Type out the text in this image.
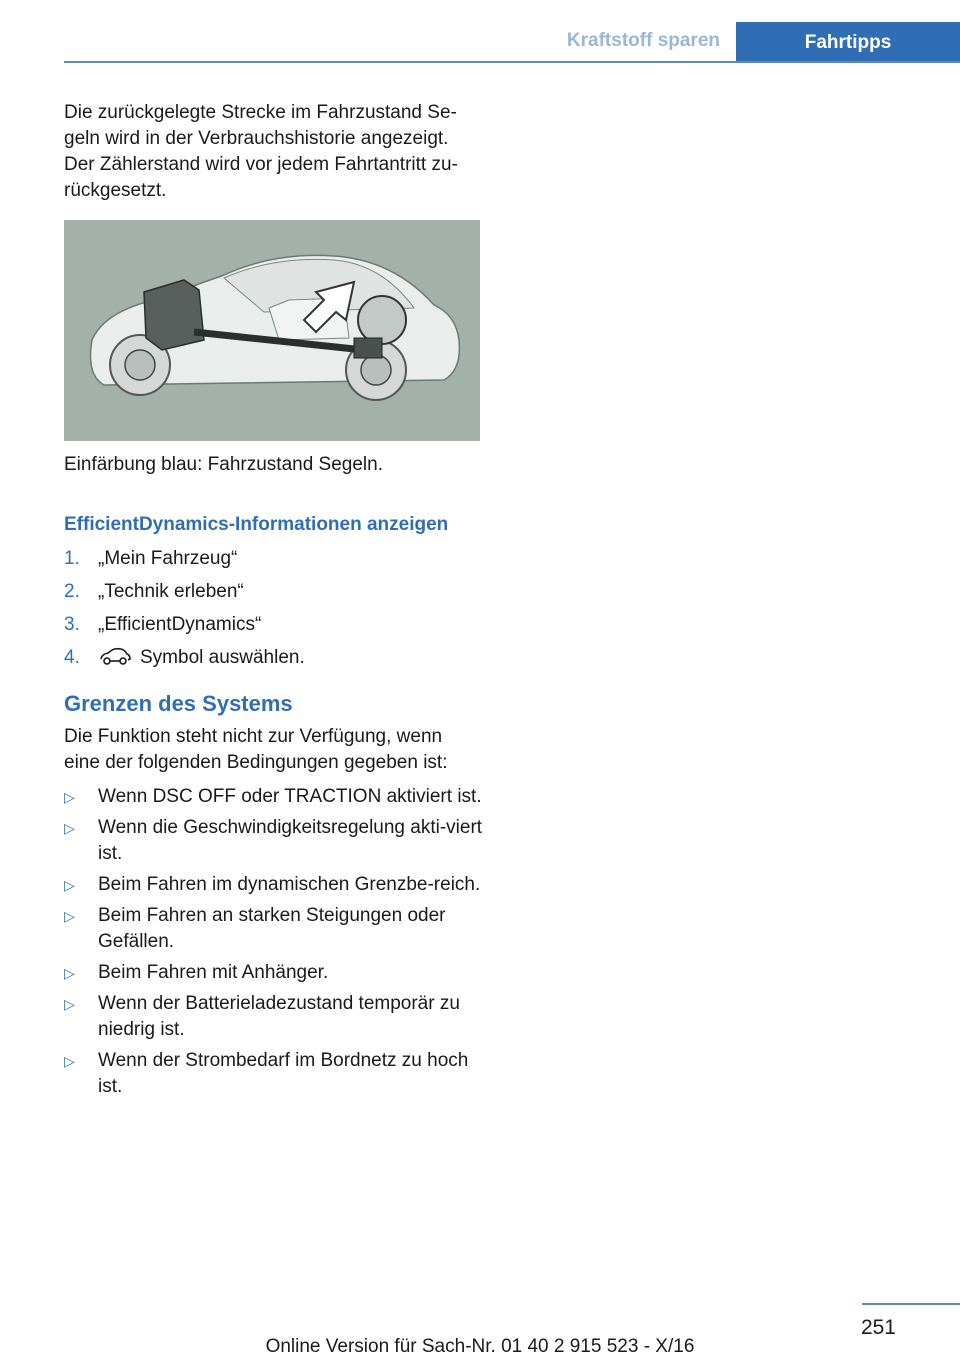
Kraftstoff sparen	Fahrtipps

Die zurückgelegte Strecke im Fahrzustand Se-geln wird in der Verbrauchshistorie angezeigt. Der Zählerstand wird vor jedem Fahrtantritt zu-rückgesetzt.

Einfärbung blau: Fahrzustand Segeln.
EfficientDynamics-Informationen anzeigen
1. „Mein Fahrzeug“
2. „Technik erleben“
3. „EfficientDynamics“
4.	Symbol auswählen.
Grenzen des Systems
Die Funktion steht nicht zur Verfügung, wenn eine der folgenden Bedingungen gegeben ist:
▷ Wenn DSC OFF oder TRACTION aktiviert ist.
▷ Wenn die Geschwindigkeitsregelung akti-viert ist.
▷ Beim Fahren im dynamischen Grenzbe-reich.
▷ Beim Fahren an starken Steigungen oder Gefällen.
▷ Beim Fahren mit Anhänger.
▷ Wenn der Batterieladezustand temporär zu niedrig ist.
▷ Wenn der Strombedarf im Bordnetz zu hoch ist.
251
Online Version für Sach-Nr. 01 40 2 915 523 - X/16
